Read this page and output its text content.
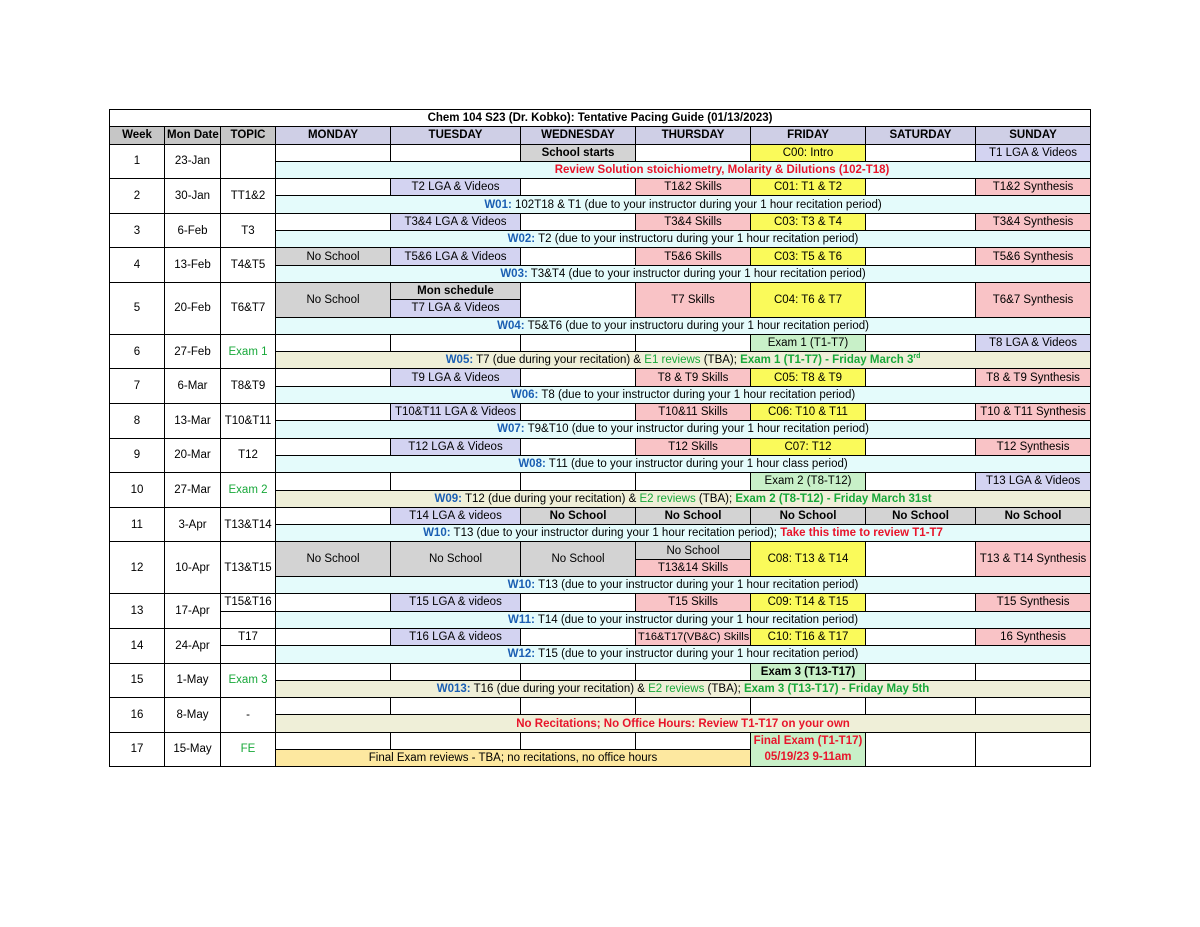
Chem 104 S23 (Dr. Kobko): Tentative Pacing Guide (01/13/2023)									
Week	Mon Date	TOPIC	MONDAY	TUESDAY	WEDNESDAY	THURSDAY	FRIDAY	SATURDAY	SUNDAY
1	23-Jan				School starts		C00: Intro		T1 LGA & Videos
			Review Solution stoichiometry, Molarity & Dilutions (102-T18)						
2	30-Jan	TT1&2		T2 LGA & Videos		T1&2 Skills	C01: T1 & T2		T1&2 Synthesis
			W01: 102T18 & T1 (due to your instructor during your 1 hour recitation period)						
3	6-Feb	T3		T3&4 LGA & Videos		T3&4 Skills	C03: T3 & T4		T3&4 Synthesis
			W02: T2 (due to your instructoru during your 1 hour recitation period)						
4	13-Feb	T4&T5	No School	T5&6 LGA & Videos		T5&6 Skills	C03: T5 & T6		T5&6 Synthesis
			W03: T3&T4 (due to your instructor during your 1 hour recitation period)						
5	20-Feb	T6&T7	No School	Mon schedule		T7 Skills	C04: T6 & T7		T6&7 Synthesis
				T7 LGA & Videos					
			W04: T5&T6 (due to your instructoru during your 1 hour recitation period)						
6	27-Feb	Exam 1					Exam 1 (T1-T7)		T8 LGA & Videos
			W05: T7 (due during your recitation) & E1 reviews (TBA); Exam 1 (T1-T7) - Friday March 3rd
7	6-Mar	T8&T9		T9 LGA & Videos		T8 & T9 Skills	C05: T8 & T9		T8 & T9 Synthesis
			W06: T8 (due to your instructor during your 1 hour recitation period)						
8	13-Mar	T10&T11		T10&T11 LGA & Videos		T10&11 Skills	C06: T10 & T11		T10 & T11 Synthesis
			W07: T9&T10 (due to your instructor during your 1 hour recitation period)						
9	20-Mar	T12		T12 LGA & Videos		T12 Skills	C07: T12		T12 Synthesis
			W08: T11 (due to your instructor during your 1 hour class period)						
10	27-Mar	Exam 2					Exam 2 (T8-T12)		T13 LGA & Videos
			W09: T12 (due during your recitation) & E2 reviews (TBA); Exam 2 (T8-T12) - Friday March 31st						
11	3-Apr	T13&T14		T14 LGA & videos	No School	No School	No School	No School	No School
			W10: T13 (due to your instructor during your 1 hour recitation period); Take this time to review T1-T7						
12	10-Apr	T13&T15	No School	No School	No School	No School	C08: T13 & T14		T13 & T14 Synthesis
						T13&14 Skills			
			W10: T13 (due to your instructor during your 1 hour recitation period)						
13	17-Apr	T15&T16		T15 LGA & videos		T15 Skills	C09: T14 & T15		T15 Synthesis
			W11: T14 (due to your instructor during your 1 hour recitation period)						
14	24-Apr	T17		T16 LGA & videos		T16&T17(VB&C) Skills	C10: T16 & T17		16 Synthesis
			W12: T15 (due to your instructor during your 1 hour recitation period)						
15	1-May	Exam 3					Exam 3 (T13-T17)		
			W013: T16 (due during your recitation) & E2 reviews (TBA); Exam 3 (T13-T17) - Friday May 5th						
16	8-May	-							
			No Recitations; No Office Hours: Review T1-T17 on your own						
17	15-May	FE					Final Exam (T1-T17)
05/19/23 9-11am		

			Final Exam reviews - TBA; no recitations, no office hours						
